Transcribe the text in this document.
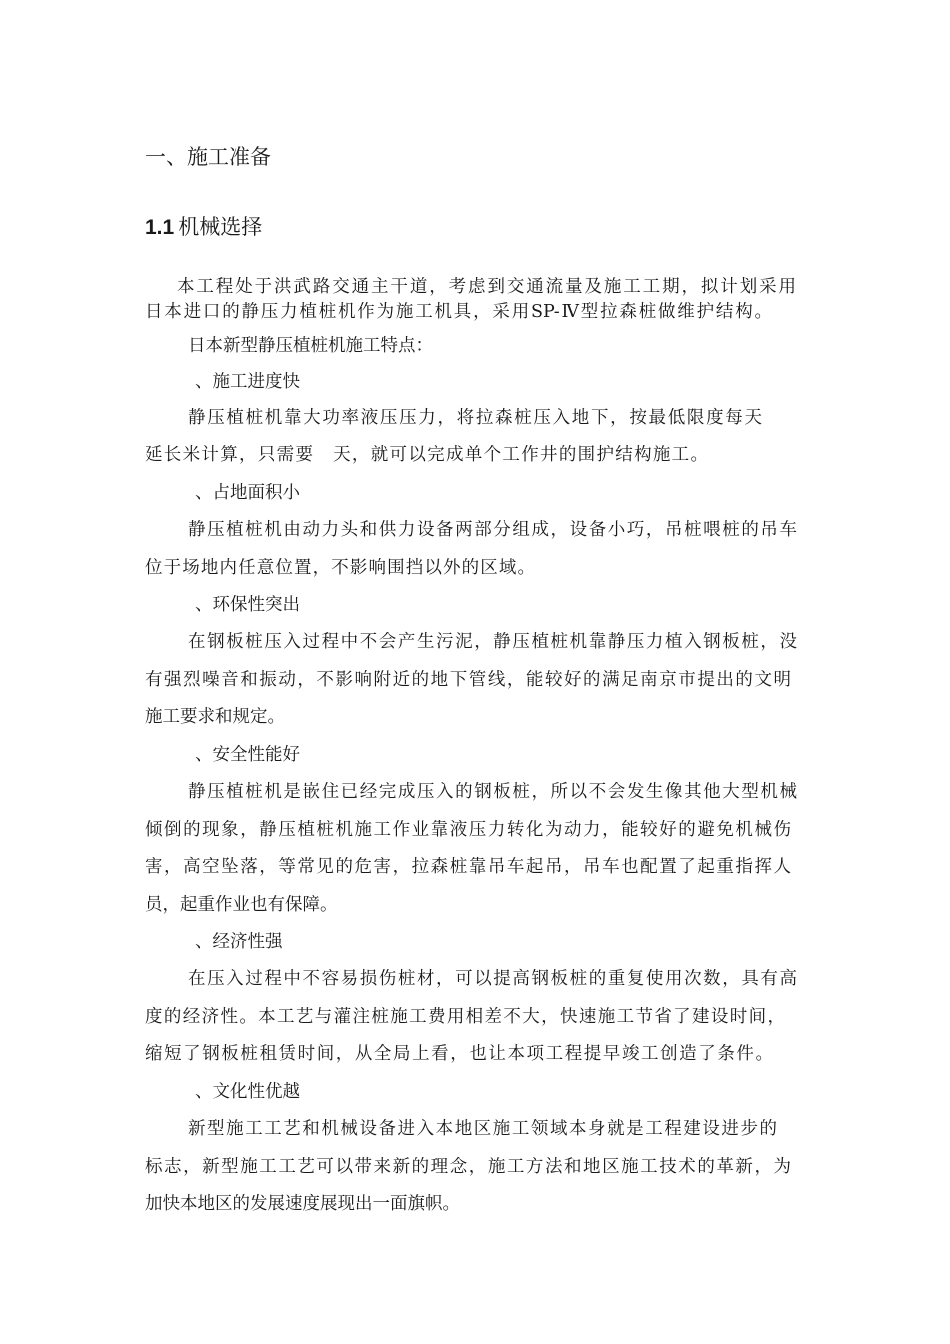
一、施工准备
1.1 机械选择
本工程处于洪武路交通主干道，考虑到交通流量及施工工期，拟计划采用
日本进口的静压力植桩机作为施工机具，采用SP-Ⅳ型拉森桩做维护结构。
日本新型静压植桩机施工特点：
、施工进度快
静压植桩机靠大功率液压压力，将拉森桩压入地下，按最低限度每天
延长米计算，只需要　天，就可以完成单个工作井的围护结构施工。
、占地面积小
静压植桩机由动力头和供力设备两部分组成，设备小巧，吊桩喂桩的吊车
位于场地内任意位置，不影响围挡以外的区域。
、环保性突出
在钢板桩压入过程中不会产生污泥，静压植桩机靠静压力植入钢板桩，没
有强烈噪音和振动，不影响附近的地下管线，能较好的满足南京市提出的文明
施工要求和规定。
、安全性能好
静压植桩机是嵌住已经完成压入的钢板桩，所以不会发生像其他大型机械
倾倒的现象，静压植桩机施工作业靠液压力转化为动力，能较好的避免机械伤
害，高空坠落，等常见的危害，拉森桩靠吊车起吊，吊车也配置了起重指挥人
员，起重作业也有保障。
、经济性强
在压入过程中不容易损伤桩材，可以提高钢板桩的重复使用次数，具有高
度的经济性。本工艺与灌注桩施工费用相差不大，快速施工节省了建设时间，
缩短了钢板桩租赁时间，从全局上看，也让本项工程提早竣工创造了条件。
、文化性优越
新型施工工艺和机械设备进入本地区施工领域本身就是工程建设进步的
标志，新型施工工艺可以带来新的理念，施工方法和地区施工技术的革新，为
加快本地区的发展速度展现出一面旗帜。
